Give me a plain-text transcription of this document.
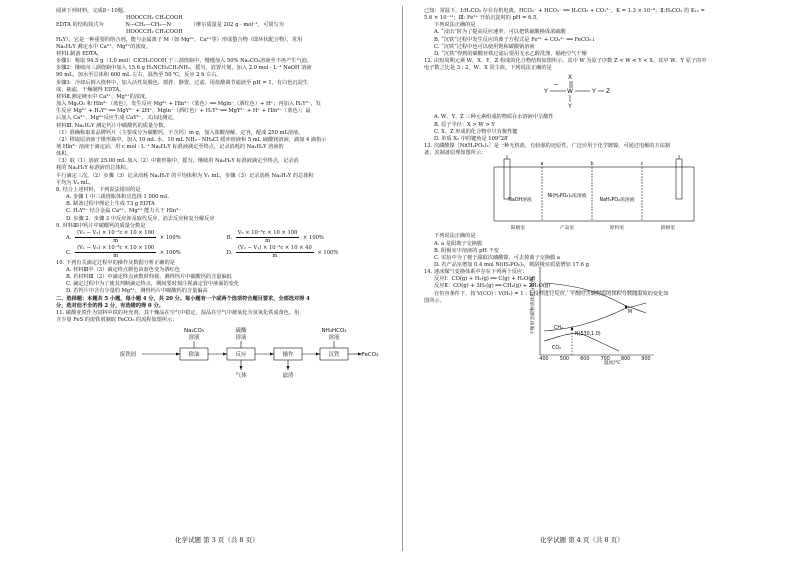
阅读下列材料，完成8～10题。

HOOCCH₂ CH₂COOH

EDTA 的结构简式为	N—CH₂—CH₂—N	（摩尔质量是 202 g · mol⁻¹，可简写为

HOOCCH₂ CH₂COOH

H₄Y），它是一种重要的络合剂，能与金属离子 M（如 Mg²⁺、Ca²⁺等）形成螯合物（即环状配合物），常用

Na₂H₂Y 测定水中 Ca²⁺、Mg²⁺的浓度。

材料Ⅰ.制备 EDTA。

步骤1：称取 94.5 g（1.0 mol）ClCH₂COOH 于三颈烧瓶中，慢慢加入 50% Na₂CO₃溶液至不再产生气泡。

步骤2：继续向三颈烧瓶中加入 15.6 g H₂NCH₂CH₂NH₂，摇匀，放置片刻，加入 2.0 mol · L⁻¹ NaOH 溶液

90 mL，加水至总体积 600 mL 左右，温热至 50 ℃，反应 2 h 左右。

步骤3：冷却后倒入烧杯中，加入活性炭脱色，搅拌、静置、过滤，用盐酸调节滤液至 pH = 1，有白色沉淀生

成，抽滤，干燥制得 EDTA。

材料Ⅱ.测定硬水中 Ca²⁺、Mg²⁺的浓度。

加入 Mg₂O₂ 和 Hln³⁻（蓝色），发生反应 Mg²⁺ + Hln³⁻（蓝色）══ Mgln⁻（酒红色）+ H⁺；再加入 H₂Y²⁻，发

生反应 Mg²⁺ + H₂Y²⁻══ MgY²⁻ + 2H⁺，Mgln⁻（酒红色）+ H₂Y²⁻══ MgY²⁻ + H⁺ + Hln²⁻（蓝色）；最

后加入 Ca²⁺、Mg²⁺反应生成 CaY²⁻，又由此测定。

材料Ⅲ. Na₂H₂Y 测定钙片中碳酸钙的质量分数。

（1）准确称取某品牌钙片（主要成分为碳酸钙，不含钙）m g，加入盐酸溶解，定容，配成 250 mL溶液。

（2）移取原溶液于锥形瓶中，加入 10 mL 水、10 mL NH₃ - NH₄Cl 缓冲溶液和 5 mL 硫酸镁溶液，滴加 4 滴指示

剂 Hln³⁻ 溶液于滴定前，用 c mol · L⁻¹ Na₂H₂Y 标准液滴定至终点，记录消耗的 Na₂H₂Y 溶液的

体积。

（3）取（1）溶液 25.00 mL 加入（2）中锥形瓶中，摇匀，继续用 Na₂H₂Y 标准液滴定至终点，记录消

耗的 Na₂H₂Y 标准液的总体积。

平行滴定三次，（2）步骤（3）记录消耗 Na₂H₂Y 的平均体积为 V₁ mL，步骤（3）记录消耗 Na₂H₂Y 的总体积

平均为 V₂ mL。

8. 结合上述材料，下列说法错误的是

A. 步骤 1 中三颈烧瓶体积宜选择 1 000 mL

B. 制备过程中理论上生成 73 g EDTA

C. H₂Y²⁻ 结合金属 Ca²⁺、Mg²⁺ 能力大于 Hln³⁻

D. 步骤 2、步骤 3 中反应涉及取代反应，消去反应和复分解反应

9. 材料Ⅲ中钙片中碳酸钙的质量分数是

A. $\frac{\text{(V₂ − V₁) × 10⁻³c × 10 × 100}}{m} \times 100\%$	B. $\frac{\text{V₂ × 10⁻³c × 10 × 100}}{m} \times 100\%$
C. $\frac{\text{(V₁ − V₂) × 10⁻³c × 10 × 100}}{m} \times 100\%$	D. $\frac{\text{(V₂ − V₁) × 10⁻³c × 10 × 40}}{m} \times 100\%$

10. 下列有关滴定过程中的操作及数据分析正确的是

A. 材料Ⅲ中（3）滴定终点颜色由蓝色变为酒红色

B. 若材料Ⅲ（2）中滴定终点读数时仰视，测得钙片中碳酸钙的含量偏低

C. 滴定过程中为了使其判断滴定终点，期间要时刻注视滴定管中液面的变化

D. 若钙片中含有少量的 Mg²⁺，测得钙片中碳酸钙的含量偏高

二、选择题：本题共 5 小题，每小题 4 分，共 20 分。每小题有一个或两个选项符合题目要求，全部选对得 4

分，选对但不全的得 2 分，有选错的得 0 分。

11. 碳酸亚铁作为饲料中铁的补充剂，其干燥品在空气中稳定，湿品在空气中被氧化为氢氧化铁成黄色。用

含少量 FeS 的废铁屑制取 FeCO₃ 的流程如图所示：

Na₂CO₃
溶液
硫酸
溶液
NH₄HCO₃
溶液
废铁屑	除油	反应	操作	沉铁	FeCO₃
气体	滤渣
化学试题 第 3 页（共 8 页）

已知：常温下，Ⅰ:H₂CO₃ 存在有机电离，HCO₃⁻ + HCO₃⁻ ══ H₂CO₃ + CO₃²⁻，K = 1.3 × 10⁻⁴；Ⅱ:H₂CO₃ 的 K₁₂ =

5.6 × 10⁻¹¹；Ⅲ: Fe²⁺ 开始沉淀时的 pH = 6.5。

下列说法正确的是

A. “浸出”时为了提高反应速率，可以把铁硫酸换成浓硫酸

B. “沉铁”过程中发生反应的离子方程式是 Fe²⁺ + CO₃²⁻ ══ FeCO₃↓

C. “沉铁”过程中也可以使用饱和碳酸钠溶液

D. “沉铁”得到的碳酸亚铁过滤后要用无水乙醇洗涤，隔绝空气干燥

12. 由短周期元素 W、X、Y、Z 构成的化合物结构如图所示，其中 W 为原子序数 Z < W < Y < X，其中 W、Y 原子的中

电子数之比是 3 : 2，W、X 同主族。下列说法正确的是

X
W
Y	Y Z
Y
−

A. W、Y、Z 三种元素组成的物质在水溶液中呈酸性

B. 原子半径：X > W > Y

C. X、Z 形成的化合物中只有极性键

D. 单质 X₂ 中的键角是 109°28′

13. 次磷酸镍［Ni(H₂PO₂)₂］是一种无机盐，有较强的还原性，广泛应用于化学镀镍，可通过电解的方法制

备，其制备原理如图所示：

a	b	c
NaOH溶液
Ni(H₂PO₂)₂浓溶液
NaH₂PO₂浓溶液
阳极室	产品室	原料室	阴极室

下列说法正确的是

A. a 是阳离子交换膜

B. 阴极室中溶液的 pH 不变

C. 实验中为了便于副取次磷酸镍，可去掉离子交换膜 a

D. 若产品室增加 0.4 mol Ni(H₂PO₂)₂，则阴极室质量增加 17.6 g

14. 速冰煤气变换体系中存在下列两个反应：

反应Ⅰ：CO(g) + H₂(g) ══ C(g) + H₂O(g)

反应Ⅱ：CO(g) + 3H₂(g) ══ CH₄(g) + 2H₂O(g)

在恒容条件下，按 V(CO) : V(H₂) = 1 : 1 投料进行反应，平衡时含碳物质的体积分数随温度的变化如

图所示。	平衡时含碳物质体积分数/%
温度/℃
CH₄
CO₂
N(530,1.0)
M
400 500 600 700 800 900
化学试题 第 4 页（共 8 页）
